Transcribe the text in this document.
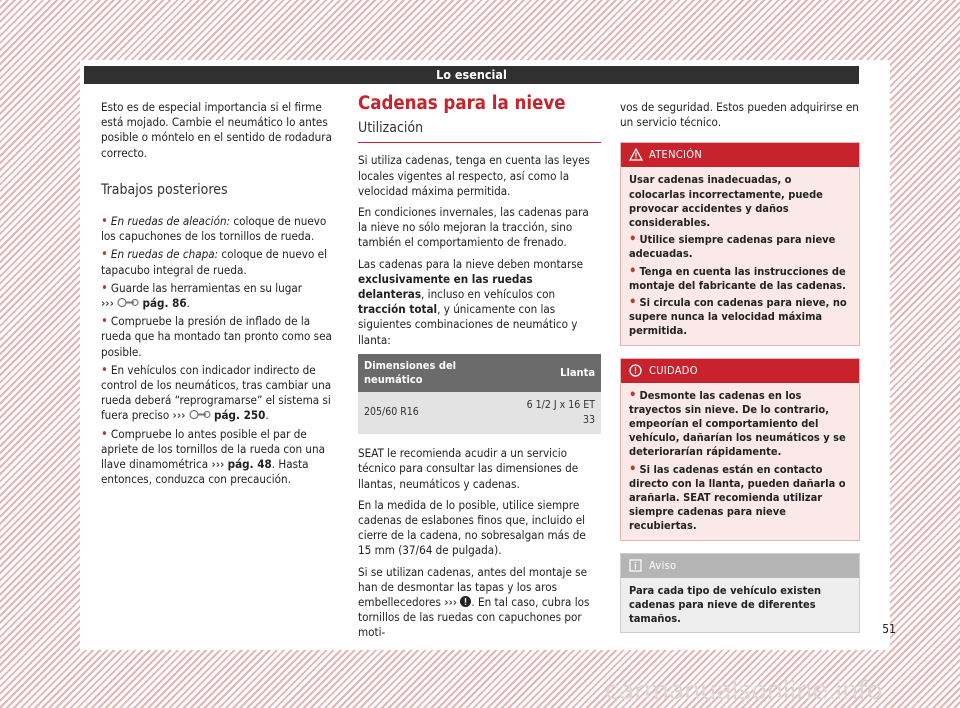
Lo esencial

Esto es de especial importancia si el firme está mojado. Cambie el neumático lo antes posible o móntelo en el sentido de rodadura correcto.

Trabajos posteriores

• En ruedas de aleación: coloque de nuevo los capuchones de los tornillos de rueda.

• En ruedas de chapa: coloque de nuevo el tapacubo integral de rueda.

• Guarde las herramientas en su lugar
››› pág. 86.

• Compruebe la presión de inflado de la rueda que ha montado tan pronto como sea posible.

• En vehículos con indicador indirecto de control de los neumáticos, tras cambiar una rueda deberá “reprogramarse” el sistema si fuera preciso ››› pág. 250.

• Compruebe lo antes posible el par de apriete de los tornillos de la rueda con una llave dinamométrica ››› pág. 48. Hasta entonces, conduzca con precaución.

Cadenas para la nieve
Utilización

Si utiliza cadenas, tenga en cuenta las leyes locales vigentes al respecto, así como la velocidad máxima permitida.

En condiciones invernales, las cadenas para la nieve no sólo mejoran la tracción, sino también el comportamiento de frenado.

Las cadenas para la nieve deben montarse exclusivamente en las ruedas delanteras, incluso en vehículos con tracción total, y únicamente con las siguientes combinaciones de neumático y llanta:

Dimensiones del neumático	Llanta
205/60 R16	6 1/2 J x 16 ET 33

SEAT le recomienda acudir a un servicio técnico para consultar las dimensiones de llantas, neumáticos y cadenas.

En la medida de lo posible, utilice siempre cadenas de eslabones finos que, incluido el cierre de la cadena, no sobresalgan más de 15 mm (37/64 de pulgada).

Si se utilizan cadenas, antes del montaje se han de desmontar las tapas y los aros embellecedores ››› . En tal caso, cubra los tornillos de las ruedas con capuchones por moti-

vos de seguridad. Estos pueden adquirirse en un servicio técnico.

ATENCIÓN
Usar cadenas inadecuadas, o colocarlas incorrectamente, puede provocar accidentes y daños considerables.
• Utilice siempre cadenas para nieve adecuadas.
• Tenga en cuenta las instrucciones de montaje del fabricante de las cadenas.
• Si circula con cadenas para nieve, no supere nunca la velocidad máxima permitida.
CUIDADO
• Desmonte las cadenas en los trayectos sin nieve. De lo contrario, empeorían el comportamiento del vehículo, dañarían los neumáticos y se deteriorarían rápidamente.
• Si las cadenas están en contacto directo con la llanta, pueden dañarla o arañarla. SEAT recomienda utilizar siempre cadenas para nieve recubiertas.
Aviso
Para cada tipo de vehículo existen cadenas para nieve de diferentes tamaños.
51
carmanualsonline.info
